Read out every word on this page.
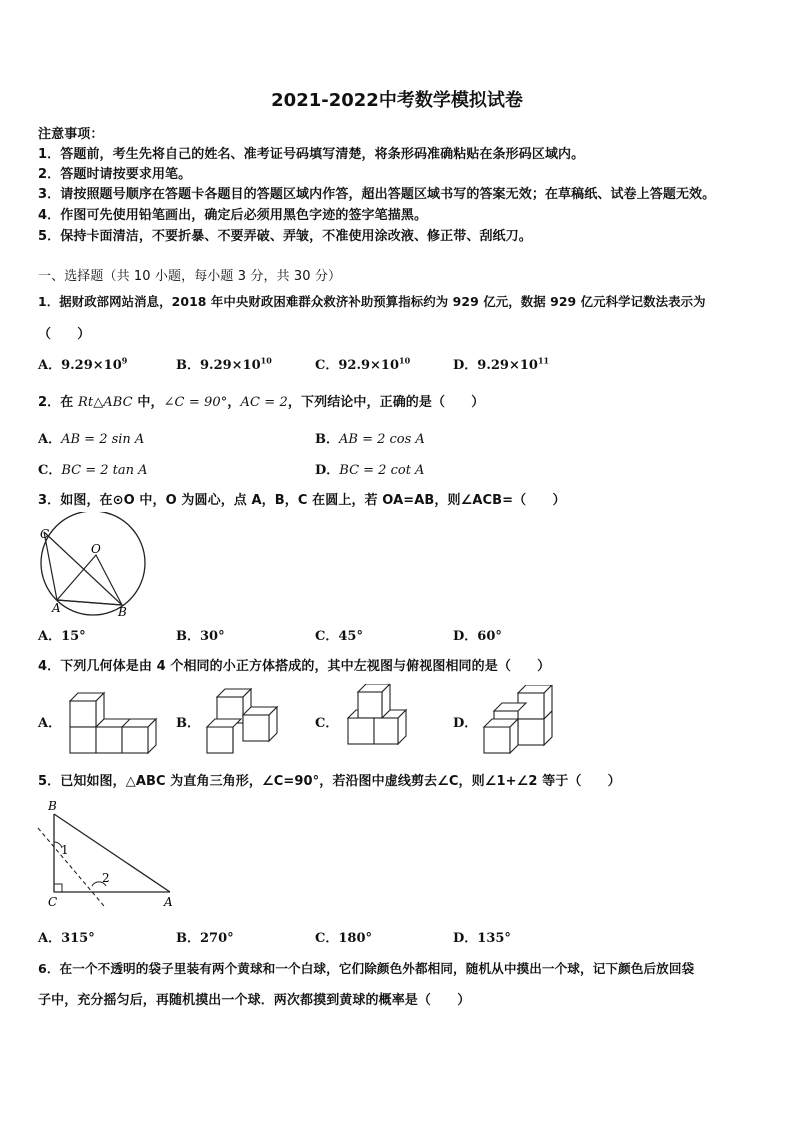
2021-2022中考数学模拟试卷
注意事项：
1．答题前，考生先将自己的姓名、准考证号码填写清楚，将条形码准确粘贴在条形码区域内。
2．答题时请按要求用笔。
3．请按照题号顺序在答题卡各题目的答题区域内作答，超出答题区域书写的答案无效；在草稿纸、试卷上答题无效。
4．作图可先使用铅笔画出，确定后必须用黑色字迹的签字笔描黑。
5．保持卡面清洁，不要折暴、不要弄破、弄皱，不准使用涂改液、修正带、刮纸刀。
一、选择题（共 10 小题，每小题 3 分，共 30 分）
1．据财政部网站消息，2018 年中央财政困难群众救济补助预算指标约为 929 亿元，数据 929 亿元科学记数法表示为
（　　）
A．$9.29\times 10^9$	B．$9.29\times 10^{10}$	C．$92.9\times 10^{10}$	D．$9.29\times 10^{11}$
2．在 Rt△ABC 中，∠C = 90°，AC = 2，下列结论中，正确的是（　　）
A．AB = 2 sin A	B．AB = 2 cos A
C．BC = 2 tan A	D．BC = 2 cot A
3．如图，在⊙O 中，O 为圆心，点 A，B，C 在圆上，若 OA=AB，则∠ACB=（　　）
C
O
A	B
A．15°	B．30°	C．45°	D．60°
4．下列几何体是由 4 个相同的小正方体搭成的，其中左视图与俯视图相同的是（　　）
A．	B．	C．	D．
5．已知如图，△ABC 为直角三角形，∠C=90°，若沿图中虚线剪去∠C，则∠1+∠2 等于（　　）
B
C	A
1
2
A．315°	B．270°	C．180°	D．135°
6．在一个不透明的袋子里装有两个黄球和一个白球，它们除颜色外都相同，随机从中摸出一个球，记下颜色后放回袋
子中，充分摇匀后，再随机摸出一个球．两次都摸到黄球的概率是（　　）
